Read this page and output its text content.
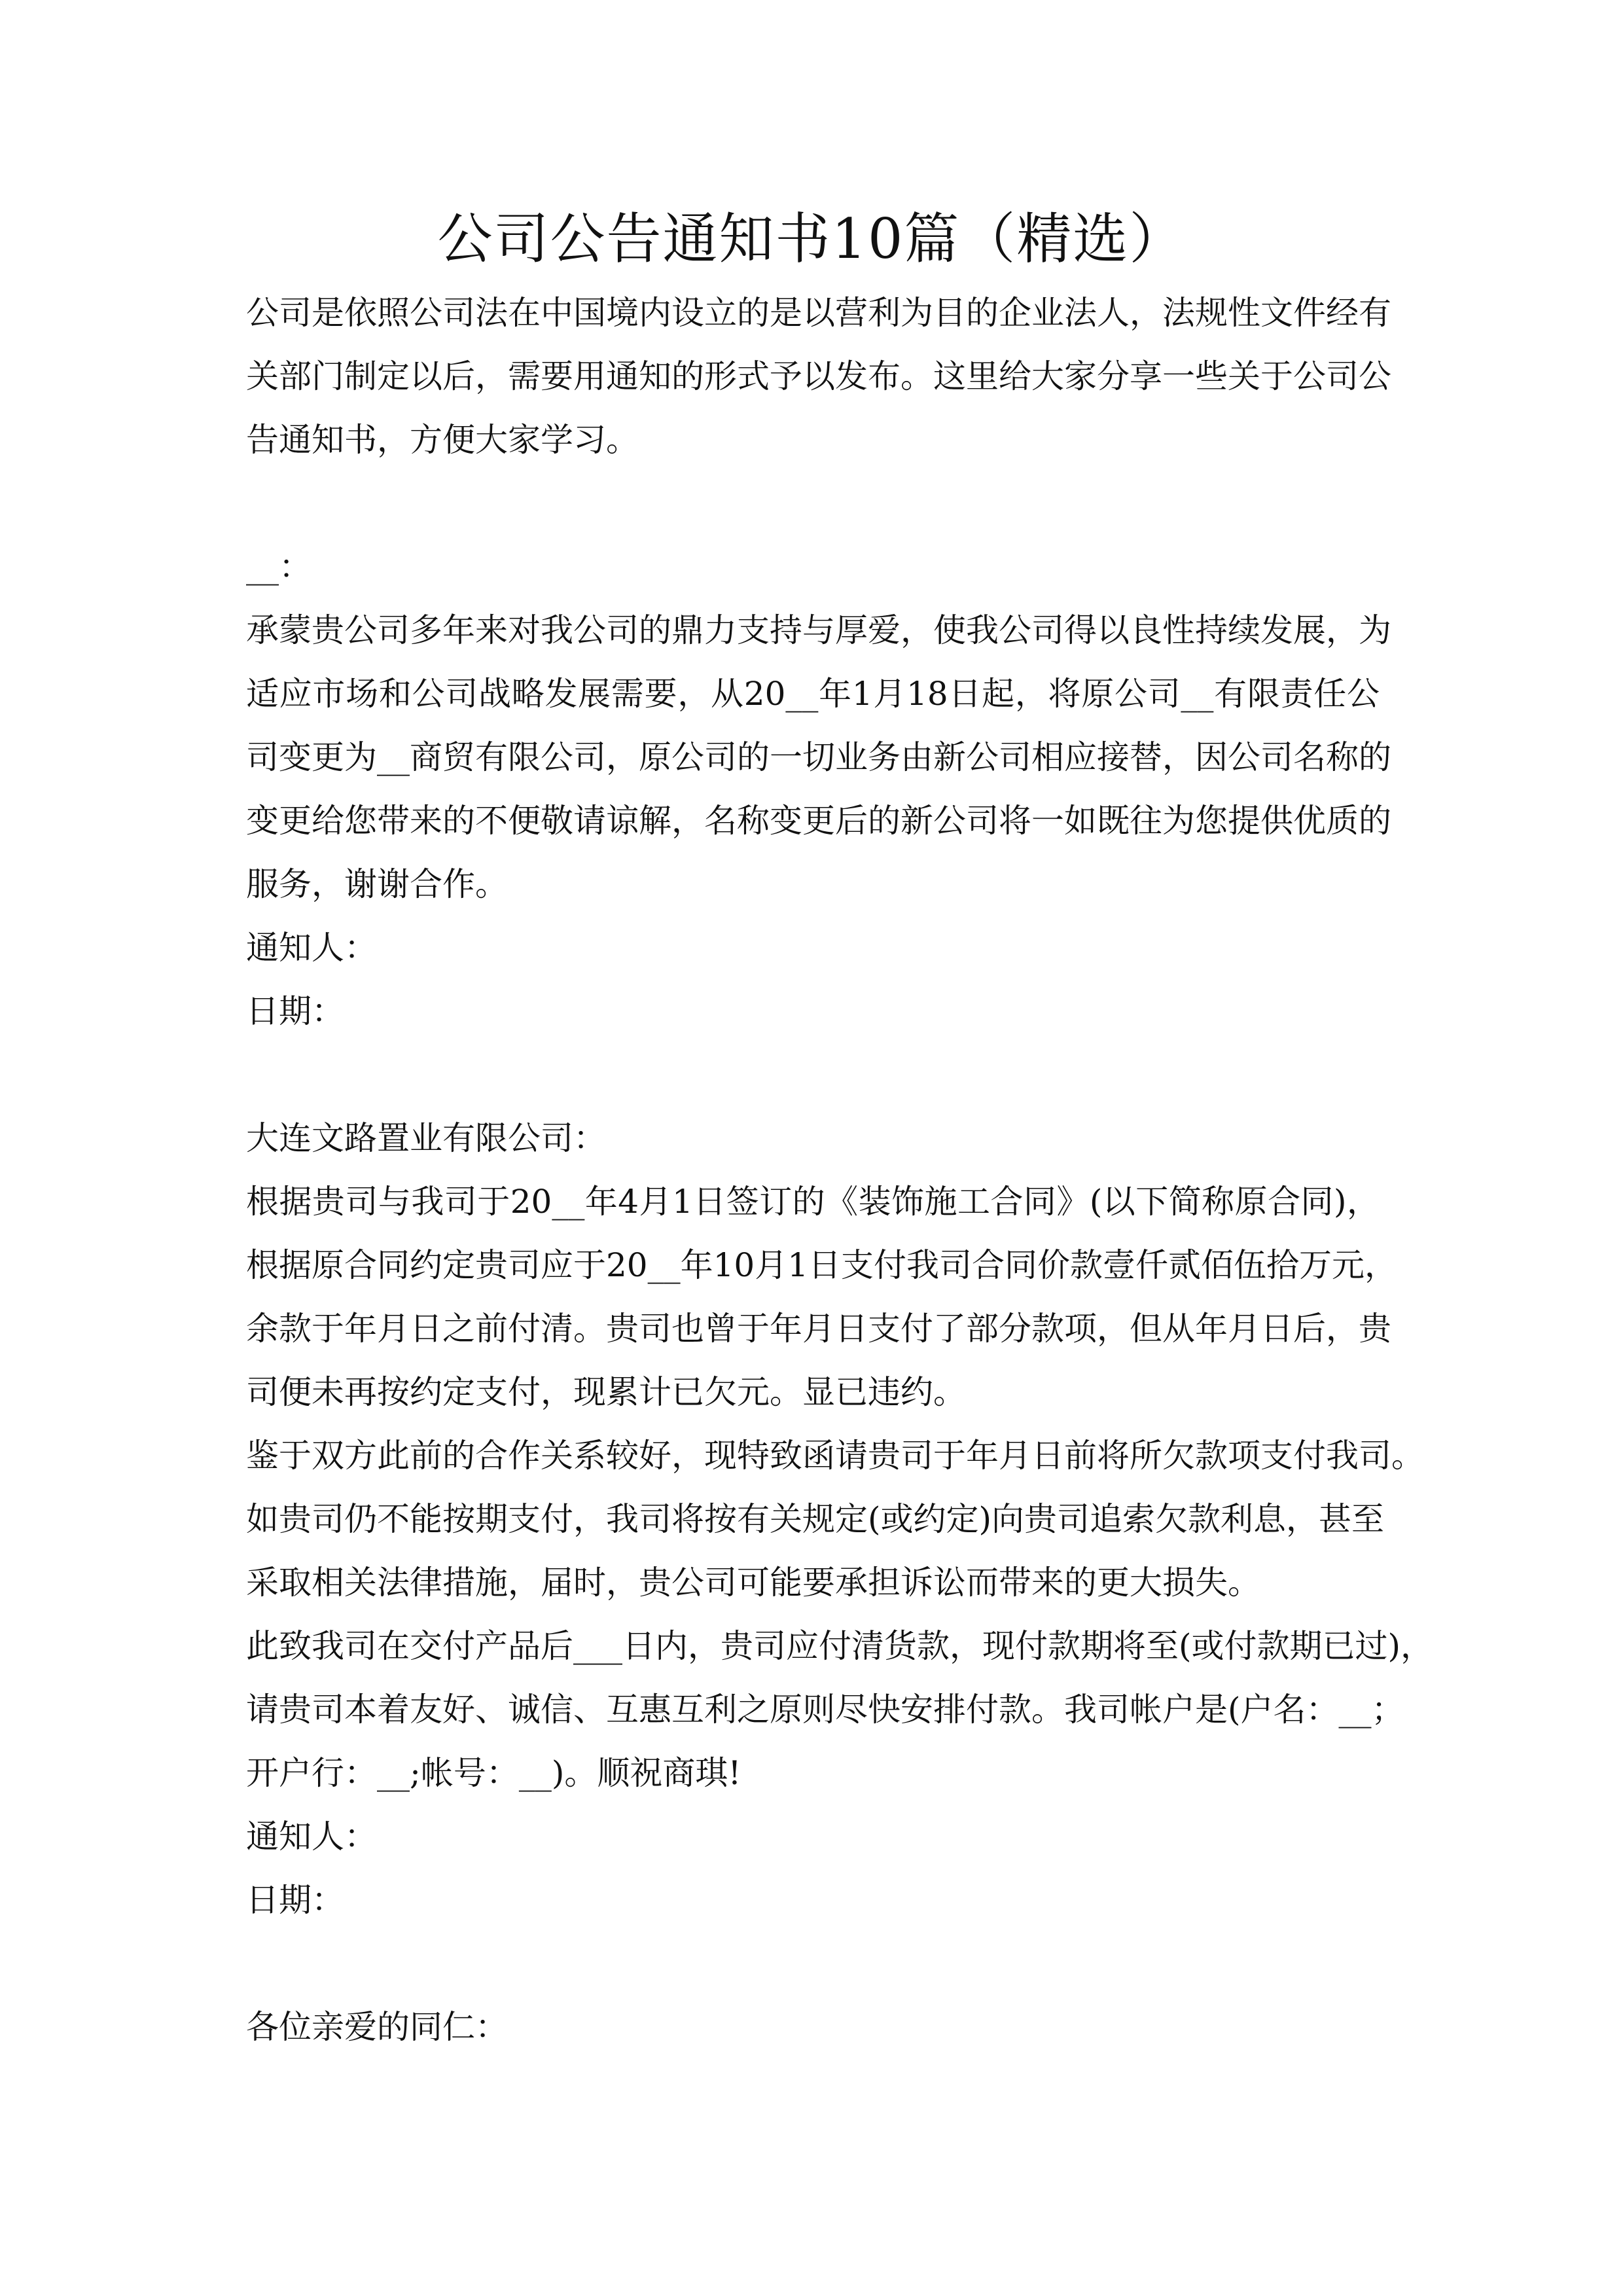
公司公告通知书10篇（精选）
公司是依照公司法在中国境内设立的是以营利为目的企业法人，法规性文件经有
关部门制定以后，需要用通知的形式予以发布。这里给大家分享一些关于公司公
告通知书，方便大家学习。
__：
承蒙贵公司多年来对我公司的鼎力支持与厚爱，使我公司得以良性持续发展，为
适应市场和公司战略发展需要，从20__年1月18日起，将原公司__有限责任公
司变更为__商贸有限公司，原公司的一切业务由新公司相应接替，因公司名称的
变更给您带来的不便敬请谅解，名称变更后的新公司将一如既往为您提供优质的
服务，谢谢合作。
通知人：
日期：
大连文路置业有限公司：
根据贵司与我司于20__年4月1日签订的《装饰施工合同》(以下简称原合同)，
根据原合同约定贵司应于20__年10月1日支付我司合同价款壹仟贰佰伍拾万元，
余款于年月日之前付清。贵司也曾于年月日支付了部分款项，但从年月日后，贵
司便未再按约定支付，现累计已欠元。显已违约。
鉴于双方此前的合作关系较好，现特致函请贵司于年月日前将所欠款项支付我司。
如贵司仍不能按期支付，我司将按有关规定(或约定)向贵司追索欠款利息，甚至
采取相关法律措施，届时，贵公司可能要承担诉讼而带来的更大损失。
此致我司在交付产品后___日内，贵司应付清货款，现付款期将至(或付款期已过)，
请贵司本着友好、诚信、互惠互利之原则尽快安排付款。我司帐户是(户名：__；
开户行：__;帐号：__)。顺祝商琪!
通知人：
日期：
各位亲爱的同仁：
